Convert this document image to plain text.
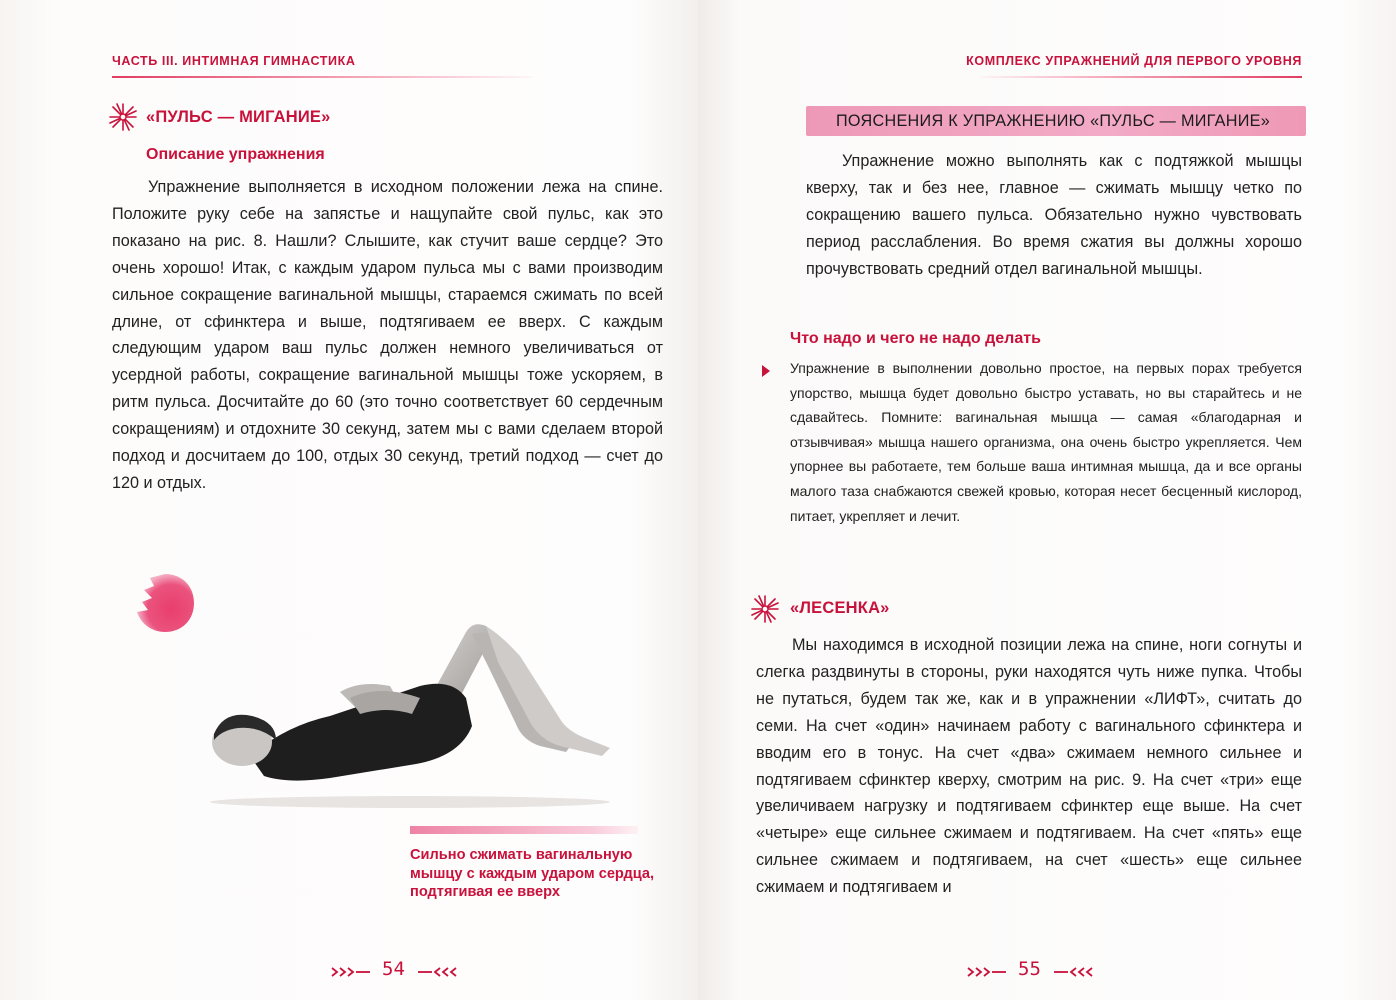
ЧАСТЬ III. ИНТИМНАЯ ГИМНАСТИКА
«ПУЛЬС — МИГАНИЕ»
Описание упражнения

Упражнение выполняется в исходном положении лежа на спине. Положите руку себе на запястье и нащупайте свой пульс, как это показано на рис. 8. Нашли? Слышите, как стучит ваше сердце? Это очень хорошо! Итак, с каждым ударом пульса мы с вами производим сильное сокращение вагинальной мышцы, стараемся сжимать по всей длине, от сфинктера и выше, подтягиваем ее вверх. С каждым следующим ударом ваш пульс должен немного увеличиваться от усердной работы, сокращение вагинальной мышцы тоже ускоряем, в ритм пульса. Досчитайте до 60 (это точно соответствует 60 сердечным сокращениям) и отдохните 30 секунд, затем мы с вами сделаем второй подход и досчитаем до 100, отдых 30 секунд, третий подход — счет до 120 и отдых.

Сильно сжимать вагинальную мышцу с каждым ударом сердца, подтягивая ее вверх
54
КОМПЛЕКС УПРАЖНЕНИЙ ДЛЯ ПЕРВОГО УРОВНЯ
ПОЯСНЕНИЯ К УПРАЖНЕНИЮ «ПУЛЬС — МИГАНИЕ»

Упражнение можно выполнять как с подтяжкой мышцы кверху, так и без нее, главное — сжимать мышцу четко по сокращению вашего пульса. Обязательно нужно чувствовать период расслабления. Во время сжатия вы должны хорошо прочувствовать средний отдел вагинальной мышцы.

Что надо и чего не надо делать
Упражнение в выполнении довольно простое, на первых порах требуется упорство, мышца будет довольно быстро уставать, но вы старайтесь и не сдавайтесь. Помните: вагинальная мышца — самая «благодарная и отзывчивая» мышца нашего организма, она очень быстро укрепляется. Чем упорнее вы работаете, тем больше ваша интимная мышца, да и все органы малого таза снабжаются свежей кровью, которая несет бесценный кислород, питает, укрепляет и лечит.
«ЛЕСЕНКА»

Мы находимся в исходной позиции лежа на спине, ноги согнуты и слегка раздвинуты в стороны, руки находятся чуть ниже пупка. Чтобы не путаться, будем так же, как и в упражнении «ЛИФТ», считать до семи. На счет «один» начинаем работу с вагинального сфинктера и вводим его в тонус. На счет «два» сжимаем немного сильнее и подтягиваем сфинктер кверху, смотрим на рис. 9. На счет «три» еще увеличиваем нагрузку и подтягиваем сфинктер еще выше. На счет «четыре» еще сильнее сжимаем и подтягиваем. На счет «пять» еще сильнее сжимаем и подтягиваем, на счет «шесть» еще сильнее сжимаем и подтягиваем и

55
